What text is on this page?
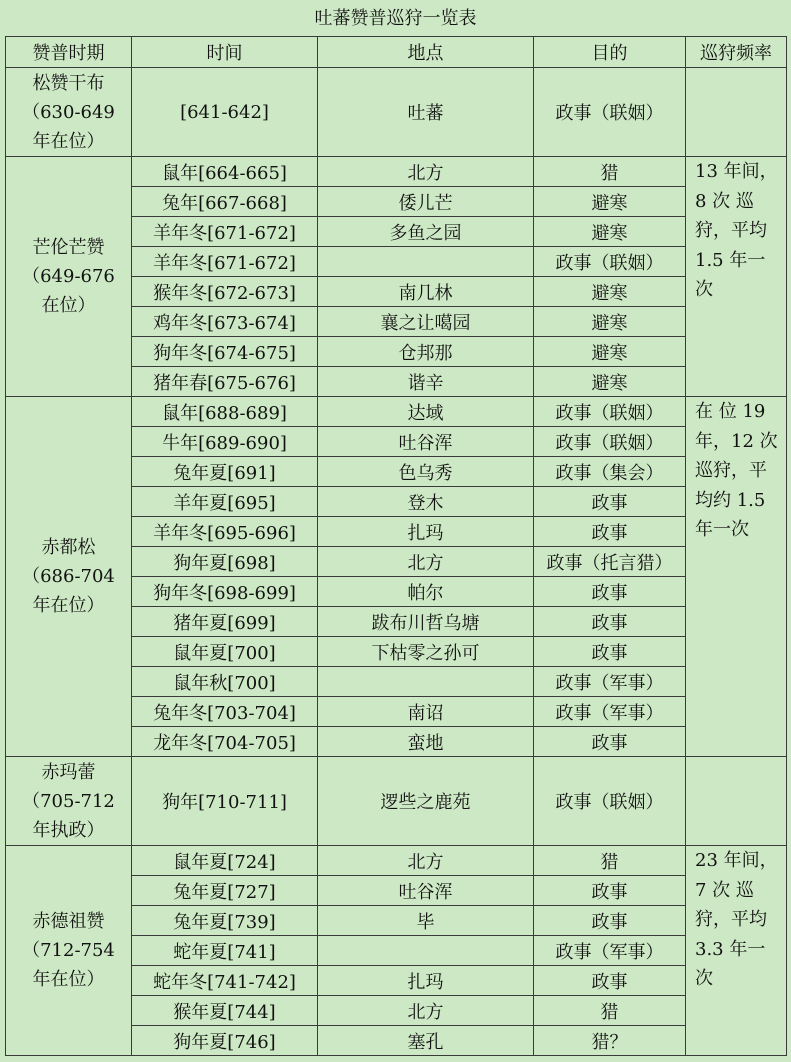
吐蕃赞普巡狩一览表
赞普时期	时间	地点	目的	巡狩频率

松赞干布
（630-649
年在位）	[641-642]	吐蕃	政事（联姻）	

芒伦芒赞
（649-676
在位）	鼠年[664-665]	北方	猎	13 年间，
8 次 巡
狩，平均
1.5 年一
次

	兔年[667-668]	倭儿芒	避寒	
	羊年冬[671-672]	多鱼之园	避寒	
	羊年冬[671-672]		政事（联姻）	
	猴年冬[672-673]	南几林	避寒	
	鸡年冬[673-674]	襄之让噶园	避寒	
	狗年冬[674-675]	仓邦那	避寒	
	猪年春[675-676]	谐辛	避寒	

赤都松
（686-704
年在位）	鼠年[688-689]	达域	政事（联姻）	在 位 19
年，12 次
巡狩，平
均约 1.5
年一次

	牛年[689-690]	吐谷浑	政事（联姻）	
	兔年夏[691]	色乌秀	政事（集会）	
	羊年夏[695]	登木	政事	
	羊年冬[695-696]	扎玛	政事	
	狗年夏[698]	北方	政事（托言猎）	
	狗年冬[698-699]	帕尔	政事	
	猪年夏[699]	跋布川哲乌塘	政事	
	鼠年夏[700]	下枯零之孙可	政事	
	鼠年秋[700]		政事（军事）	
	兔年冬[703-704]	南诏	政事（军事）	
	龙年冬[704-705]	蛮地	政事	

赤玛蕾
（705-712
年执政）	狗年[710-711]	逻些之鹿苑	政事（联姻）	

赤德祖赞
（712-754
年在位）	鼠年夏[724]	北方	猎	23 年间，
7 次 巡
狩，平均
3.3 年一
次

	兔年夏[727]	吐谷浑	政事	
	兔年夏[739]	毕	政事	
	蛇年夏[741]		政事（军事）	
	蛇年冬[741-742]	扎玛	政事	
	猴年夏[744]	北方	猎	
	狗年夏[746]	塞孔	猎？	
